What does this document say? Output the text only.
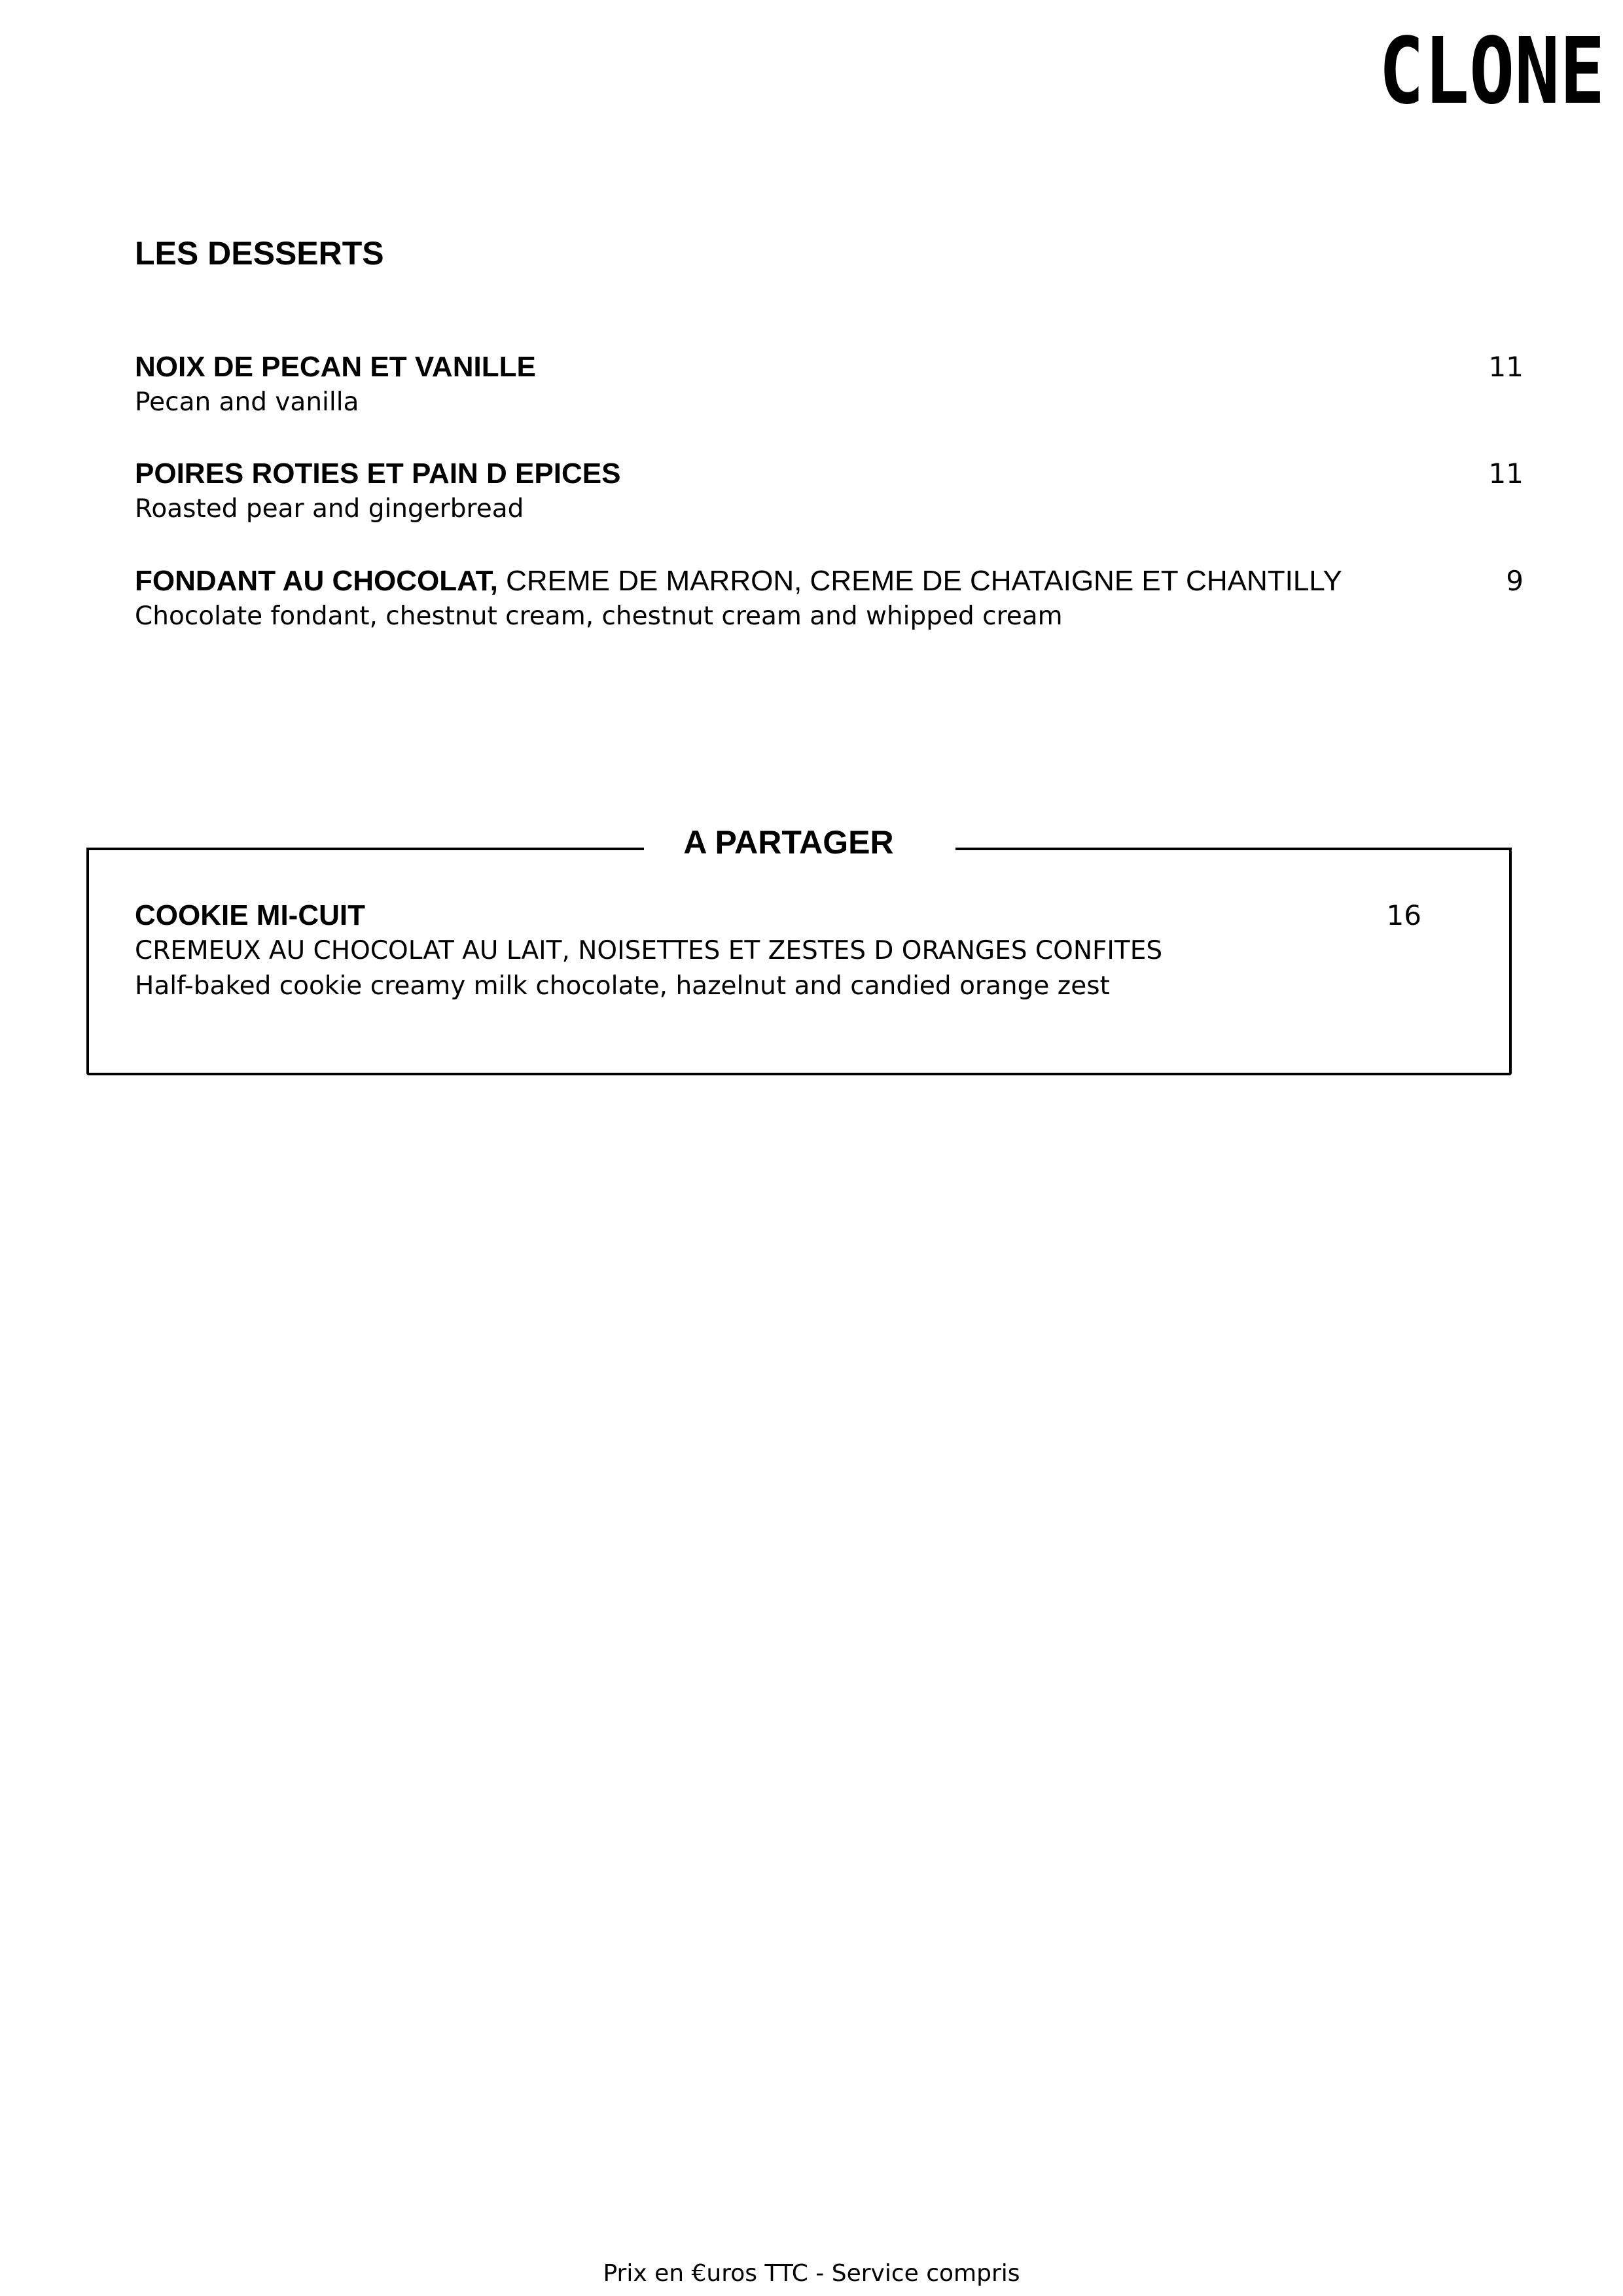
CLONE
LES DESSERTS
NOIX DE PECAN ET VANILLE
Pecan and vanilla
11
POIRES ROTIES ET PAIN D EPICES
Roasted pear and gingerbread
11
FONDANT AU CHOCOLAT, CREME DE MARRON, CREME DE CHATAIGNE ET CHANTILLY
Chocolate fondant, chestnut cream, chestnut cream and whipped cream
9
A PARTAGER
COOKIE MI-CUIT
CREMEUX AU CHOCOLAT AU LAIT, NOISETTES ET ZESTES D ORANGES CONFITES
Half-baked cookie creamy milk chocolate, hazelnut and candied orange zest
16
Prix en €uros TTC - Service compris
